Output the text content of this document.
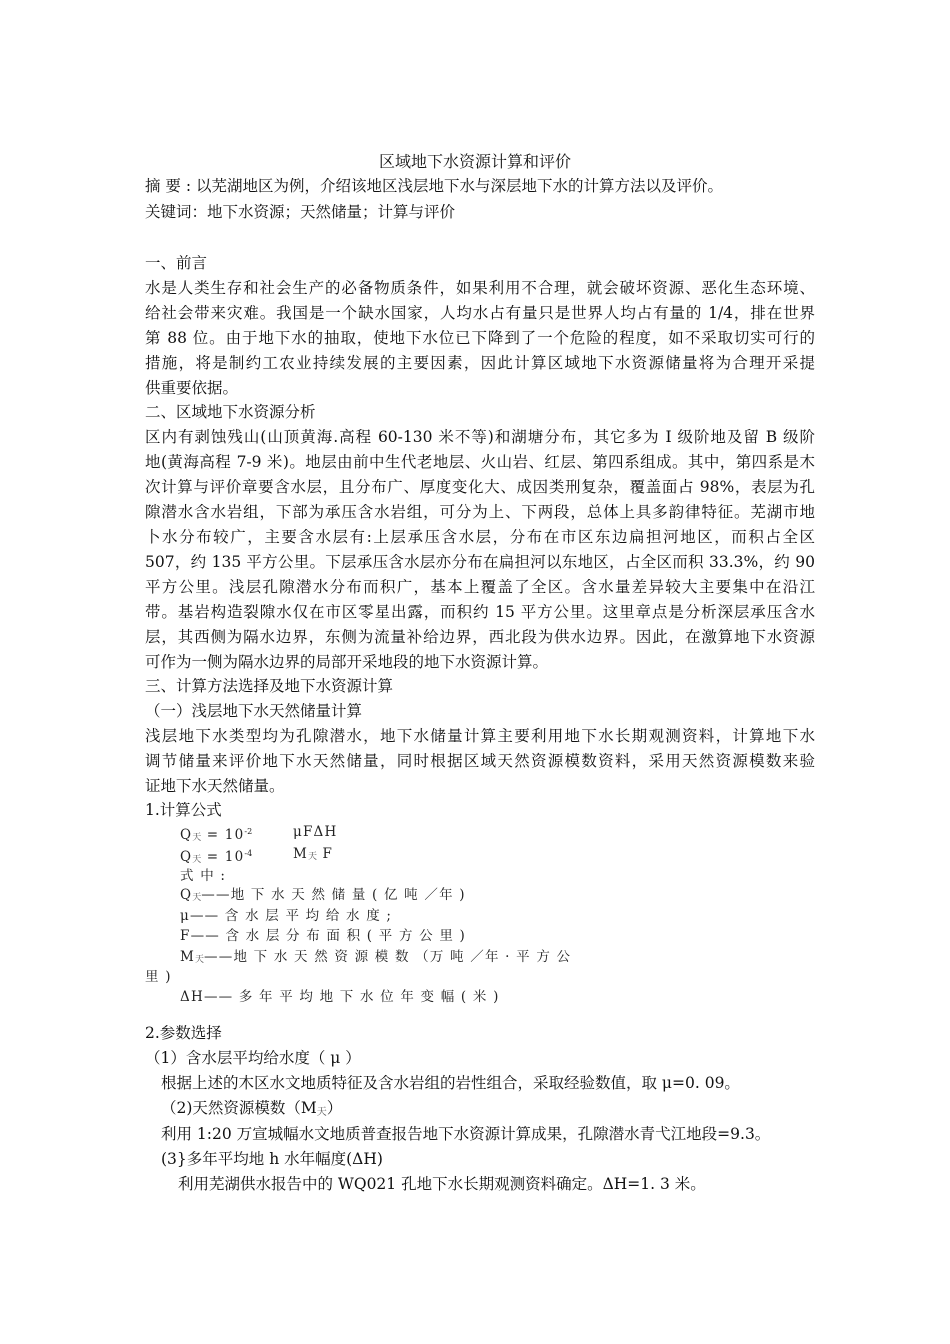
区域地下水资源计算和评价
摘 要 : 以芜湖地区为例，介绍该地区浅层地下水与深层地下水的计算方法以及评价。
关键词：地下水资源；天然储量；计算与评价
一、前言
水是人类生存和社会生产的必备物质条件，如果利用不合理，就会破坏资源、恶化生态环境、
给社会带来灾难。我国是一个缺水国家，人均水占有量只是世界人均占有量的 1/4，排在世界
第 88 位。由于地下水的抽取，使地下水位已下降到了一个危险的程度，如不采取切实可行的
措施，将是制约工农业持续发展的主要因素，因此计算区域地下水资源储量将为合理开采提
供重要依据。
二、区域地下水资源分析
区内有剥蚀残山(山顶黄海.高程 60-130 米不等)和湖塘分布，其它多为 I 级阶地及留 B 级阶
地(黄海高程 7-9 米)。地层由前中生代老地层、火山岩、红层、第四系组成。其中，第四系是木
次计算与评价章要含水层，且分布广、厚度变化大、成因类刑复杂，覆盖面占 98%，表层为孔
隙潜水含水岩组，下部为承压含水岩组，可分为上、下两段，总体上具多韵律特征。芜湖市地
卜水分布较广，主要含水层有:上层承压含水层，分布在市区东边扁担河地区，而积占全区
507，约 135 平方公里。下层承压含水层亦分布在扁担河以东地区，占全区而积 33.3%，约 90
平方公里。浅层孔隙潜水分布而积广，基本上覆盖了全区。含水量差异较大主要集中在沿江
带。基岩构造裂隙水仅在市区零星出露，而积约 15 平方公里。这里章点是分析深层承压含水
层，其西侧为隔水边界，东侧为流量补给边界，西北段为供水边界。因此，在激算地下水资源
可作为一侧为隔水边界的局部开采地段的地下水资源计算。
三、计算方法选择及地下水资源计算
（一）浅层地下水天然储量计算
浅层地下水类型均为孔隙潜水，地下水储量计算主要利用地下水长期观测资料，计算地下水
调节储量来评价地下水天然储量，同时根据区域天然资源模数资料，采用天然资源模数来验
证地下水天然储量。
1.计算公式
Q天 = $10^{-2}$	μFΔH
Q天 = $10^{-4}$	M天 F
式 中 :
Q天——地 下 水 天 然 储 量 ( 亿 吨 ／年 )
μ—— 含 水 层 平 均 给 水 度 ;
F—— 含 水 层 分 布 面 积 ( 平 方 公 里 )
M天——地 下 水 天 然 资 源 模 数 （万 吨 ／年 · 平 方 公
里 )
ΔH—— 多 年 平 均 地 下 水 位 年 变 幅 ( 米 )
2.参数选择
（1）含水层平均给水度（ μ ）
根据上述的木区水文地质特征及含水岩组的岩性组合，采取经验数值，取 μ=0. 09。
（2)天然资源模数（M天）
利用 1:20 万宣城幅水文地质普查报告地下水资源计算成果，孔隙潜水青弋江地段=9.3。
(3}多年平均地 h 水年幅度(ΔH)
利用芜湖供水报告中的 WQ021 孔地下水长期观测资料确定。ΔH=1. 3 米。
